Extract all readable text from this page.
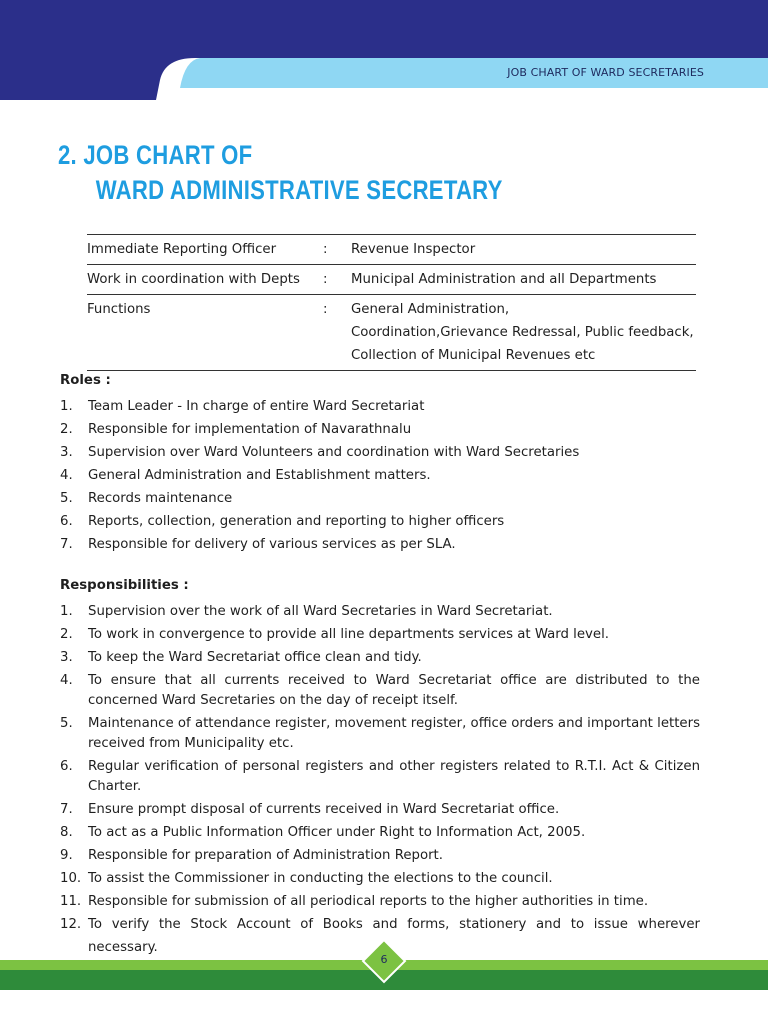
JOB CHART OF WARD SECRETARIES
2. JOB CHART OF
WARD ADMINISTRATIVE SECRETARY
Immediate Reporting Officer	:	Revenue Inspector
Work in coordination with Depts	:	Municipal Administration and all Departments
Functions	:	General Administration,
Coordination,Grievance Redressal, Public feedback,
Collection of Municipal Revenues etc
Roles :
1.	Team Leader - In charge of entire Ward Secretariat
2.	Responsible for implementation of Navarathnalu
3.	Supervision over Ward Volunteers and coordination with Ward Secretaries
4.	General Administration and Establishment matters.
5.	Records maintenance
6.	Reports, collection, generation and reporting to higher officers
7.	Responsible for delivery of various services as per SLA.
Responsibilities :
1.	Supervision over the work of all Ward Secretaries in Ward Secretariat.
2.	To work in convergence to provide all line departments services at Ward level.
3.	To keep the Ward Secretariat office clean and tidy.
4.	To ensure that all currents received to Ward Secretariat office are distributed to the concerned Ward Secretaries on the day of receipt itself.
5.	Maintenance of attendance register, movement register, office orders and important letters received from Municipality etc.
6.	Regular verification of personal registers and other registers related to R.T.I. Act & Citizen Charter.
7.	Ensure prompt disposal of currents received in Ward Secretariat office.
8.	To act as a Public Information Officer under Right to Information Act, 2005.
9.	Responsible for preparation of Administration Report.
10. To assist the Commissioner in conducting the elections to the council.
11. Responsible for submission of all periodical reports to the higher authorities in time.
12. To verify the Stock Account of Books and forms, stationery and to issue wherever necessary.
6
